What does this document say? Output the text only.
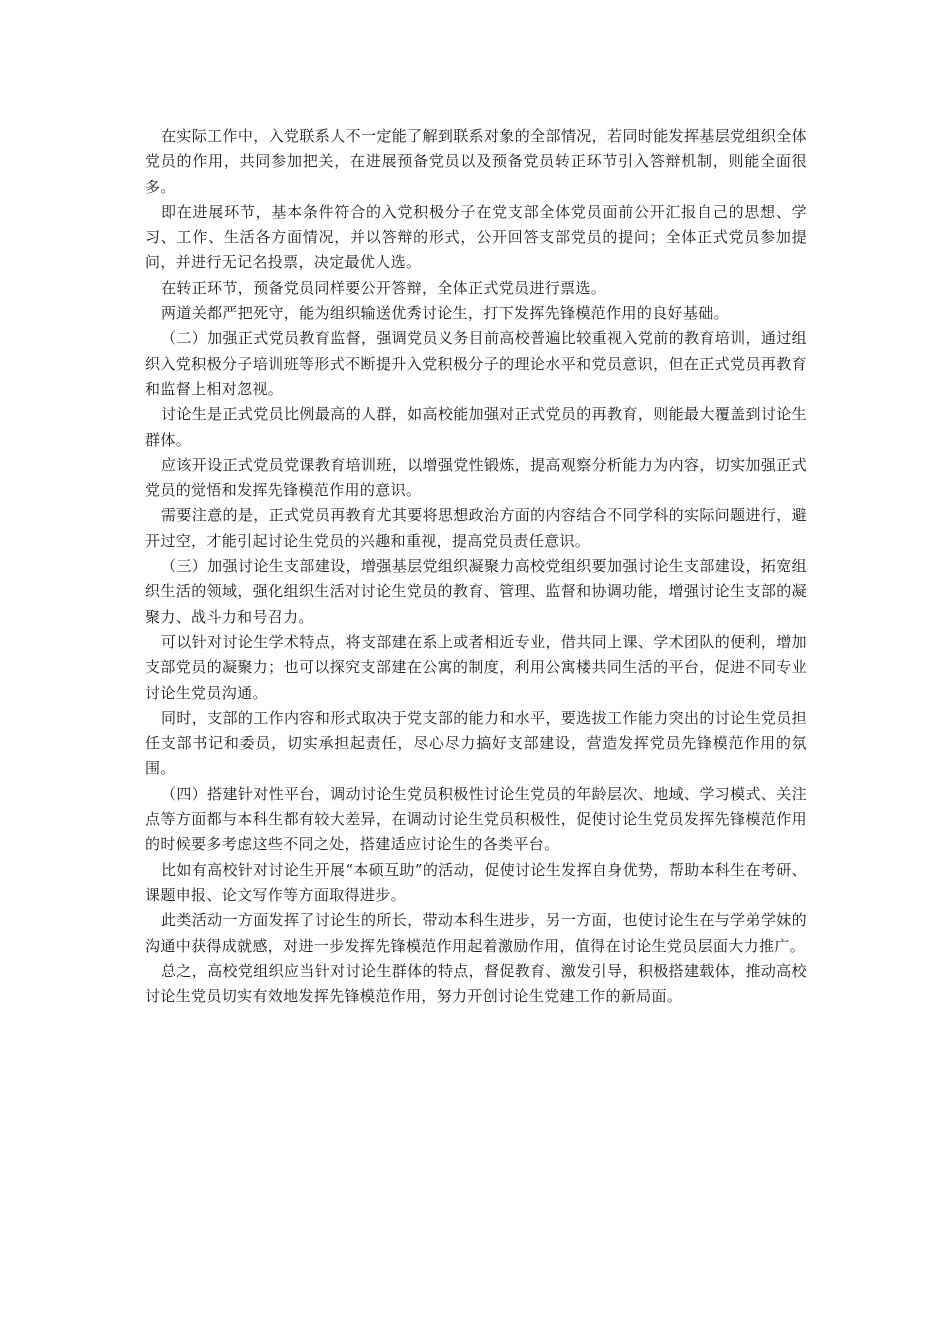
在实际工作中，入党联系人不一定能了解到联系对象的全部情况，若同时能发挥基层党组织全体党员的作用，共同参加把关，在进展预备党员以及预备党员转正环节引入答辩机制，则能全面很多。

即在进展环节，基本条件符合的入党积极分子在党支部全体党员面前公开汇报自己的思想、学习、工作、生活各方面情况，并以答辩的形式，公开回答支部党员的提问；全体正式党员参加提问，并进行无记名投票，决定最优人选。

在转正环节，预备党员同样要公开答辩，全体正式党员进行票选。

两道关都严把死守，能为组织输送优秀讨论生，打下发挥先锋模范作用的良好基础。

（二）加强正式党员教育监督，强调党员义务目前高校普遍比较重视入党前的教育培训，通过组织入党积极分子培训班等形式不断提升入党积极分子的理论水平和党员意识，但在正式党员再教育和监督上相对忽视。

讨论生是正式党员比例最高的人群，如高校能加强对正式党员的再教育，则能最大覆盖到讨论生群体。

应该开设正式党员党课教育培训班，以增强党性锻炼，提高观察分析能力为内容，切实加强正式党员的觉悟和发挥先锋模范作用的意识。

需要注意的是，正式党员再教育尤其要将思想政治方面的内容结合不同学科的实际问题进行，避开过空，才能引起讨论生党员的兴趣和重视，提高党员责任意识。

（三）加强讨论生支部建设，增强基层党组织凝聚力高校党组织要加强讨论生支部建设，拓宽组织生活的领域，强化组织生活对讨论生党员的教育、管理、监督和协调功能，增强讨论生支部的凝聚力、战斗力和号召力。

可以针对讨论生学术特点，将支部建在系上或者相近专业，借共同上课、学术团队的便利，增加支部党员的凝聚力；也可以探究支部建在公寓的制度，利用公寓楼共同生活的平台，促进不同专业讨论生党员沟通。

同时，支部的工作内容和形式取决于党支部的能力和水平，要选拔工作能力突出的讨论生党员担任支部书记和委员，切实承担起责任，尽心尽力搞好支部建设，营造发挥党员先锋模范作用的氛围。

（四）搭建针对性平台，调动讨论生党员积极性讨论生党员的年龄层次、地域、学习模式、关注点等方面都与本科生都有较大差异，在调动讨论生党员积极性，促使讨论生党员发挥先锋模范作用的时候要多考虑这些不同之处，搭建适应讨论生的各类平台。

比如有高校针对讨论生开展“本硕互助”的活动，促使讨论生发挥自身优势，帮助本科生在考研、课题申报、论文写作等方面取得进步。

此类活动一方面发挥了讨论生的所长，带动本科生进步，另一方面，也使讨论生在与学弟学妹的沟通中获得成就感，对进一步发挥先锋模范作用起着激励作用，值得在讨论生党员层面大力推广。

总之，高校党组织应当针对讨论生群体的特点，督促教育、激发引导，积极搭建载体，推动高校讨论生党员切实有效地发挥先锋模范作用，努力开创讨论生党建工作的新局面。
